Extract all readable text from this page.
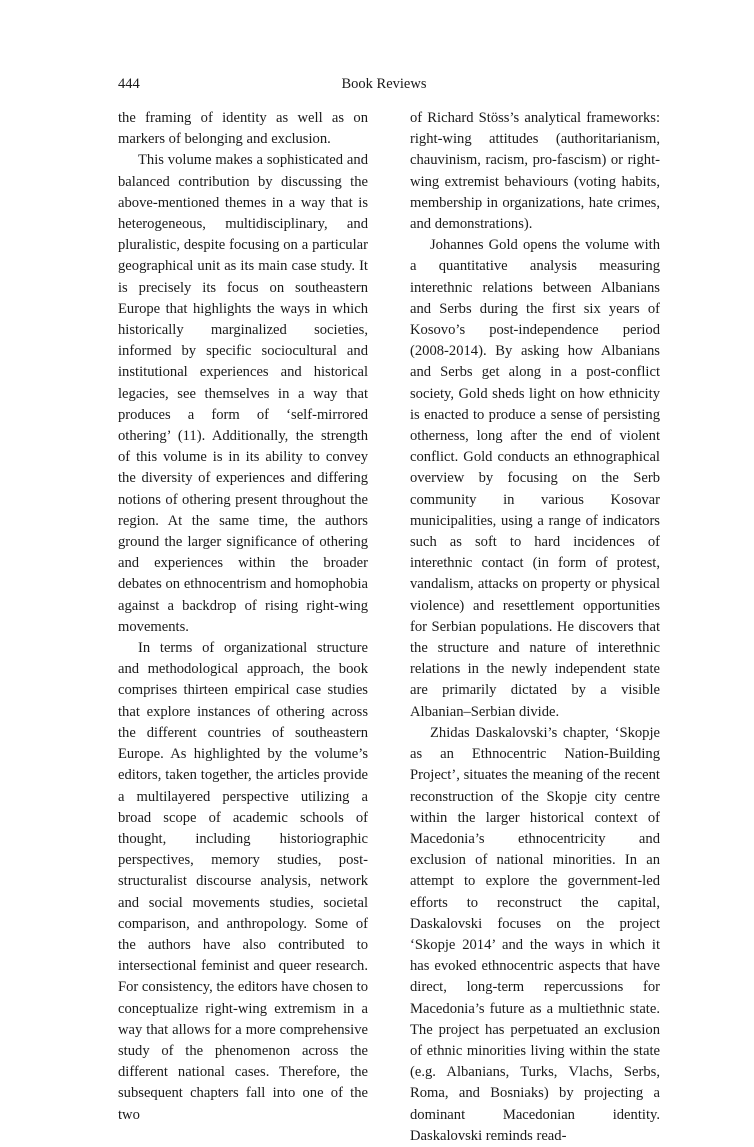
444	Book Reviews

the framing of identity as well as on markers of belonging and exclusion.

This volume makes a sophisticated and balanced contribution by discussing the above-mentioned themes in a way that is heterogeneous, multidisciplinary, and pluralistic, despite focusing on a particular geographical unit as its main case study. It is precisely its focus on southeastern Europe that highlights the ways in which historically marginalized societies, informed by specific sociocultural and institutional experiences and historical legacies, see themselves in a way that produces a form of ‘self-mirrored othering’ (11). Additionally, the strength of this volume is in its ability to convey the diversity of experiences and differing notions of othering present throughout the region. At the same time, the authors ground the larger significance of othering and experiences within the broader debates on ethnocentrism and homophobia against a backdrop of rising right-wing movements.

In terms of organizational structure and methodological approach, the book comprises thirteen empirical case studies that explore instances of othering across the different countries of southeastern Europe. As highlighted by the volume’s editors, taken together, the articles provide a multilayered perspective utilizing a broad scope of academic schools of thought, including historiographic perspectives, memory studies, post-structuralist discourse analysis, network and social movements studies, societal comparison, and anthropology. Some of the authors have also contributed to intersectional feminist and queer research. For consistency, the editors have chosen to conceptualize right-wing extremism in a way that allows for a more comprehensive study of the phenomenon across the different national cases. Therefore, the subsequent chapters fall into one of the two

of Richard Stöss’s analytical frameworks: right-wing attitudes (authoritarianism, chauvinism, racism, pro-fascism) or right-wing extremist behaviours (voting habits, membership in organizations, hate crimes, and demonstrations).

Johannes Gold opens the volume with a quantitative analysis measuring interethnic relations between Albanians and Serbs during the first six years of Kosovo’s post-independence period (2008-2014). By asking how Albanians and Serbs get along in a post-conflict society, Gold sheds light on how ethnicity is enacted to produce a sense of persisting otherness, long after the end of violent conflict. Gold conducts an ethnographical overview by focusing on the Serb community in various Kosovar municipalities, using a range of indicators such as soft to hard incidences of interethnic contact (in form of protest, vandalism, attacks on property or physical violence) and resettlement opportunities for Serbian populations. He discovers that the structure and nature of interethnic relations in the newly independent state are primarily dictated by a visible Albanian–Serbian divide.

Zhidas Daskalovski’s chapter, ‘Skopje as an Ethnocentric Nation-Building Project’, situates the meaning of the recent reconstruction of the Skopje city centre within the larger historical context of Macedonia’s ethnocentricity and exclusion of national minorities. In an attempt to explore the government-led efforts to reconstruct the capital, Daskalovski focuses on the project ‘Skopje 2014’ and the ways in which it has evoked ethnocentric aspects that have direct, long-term repercussions for Macedonia’s future as a multiethnic state. The project has perpetuated an exclusion of ethnic minorities living within the state (e.g. Albanians, Turks, Vlachs, Serbs, Roma, and Bosniaks) by projecting a dominant Macedonian identity. Daskalovski reminds read-
